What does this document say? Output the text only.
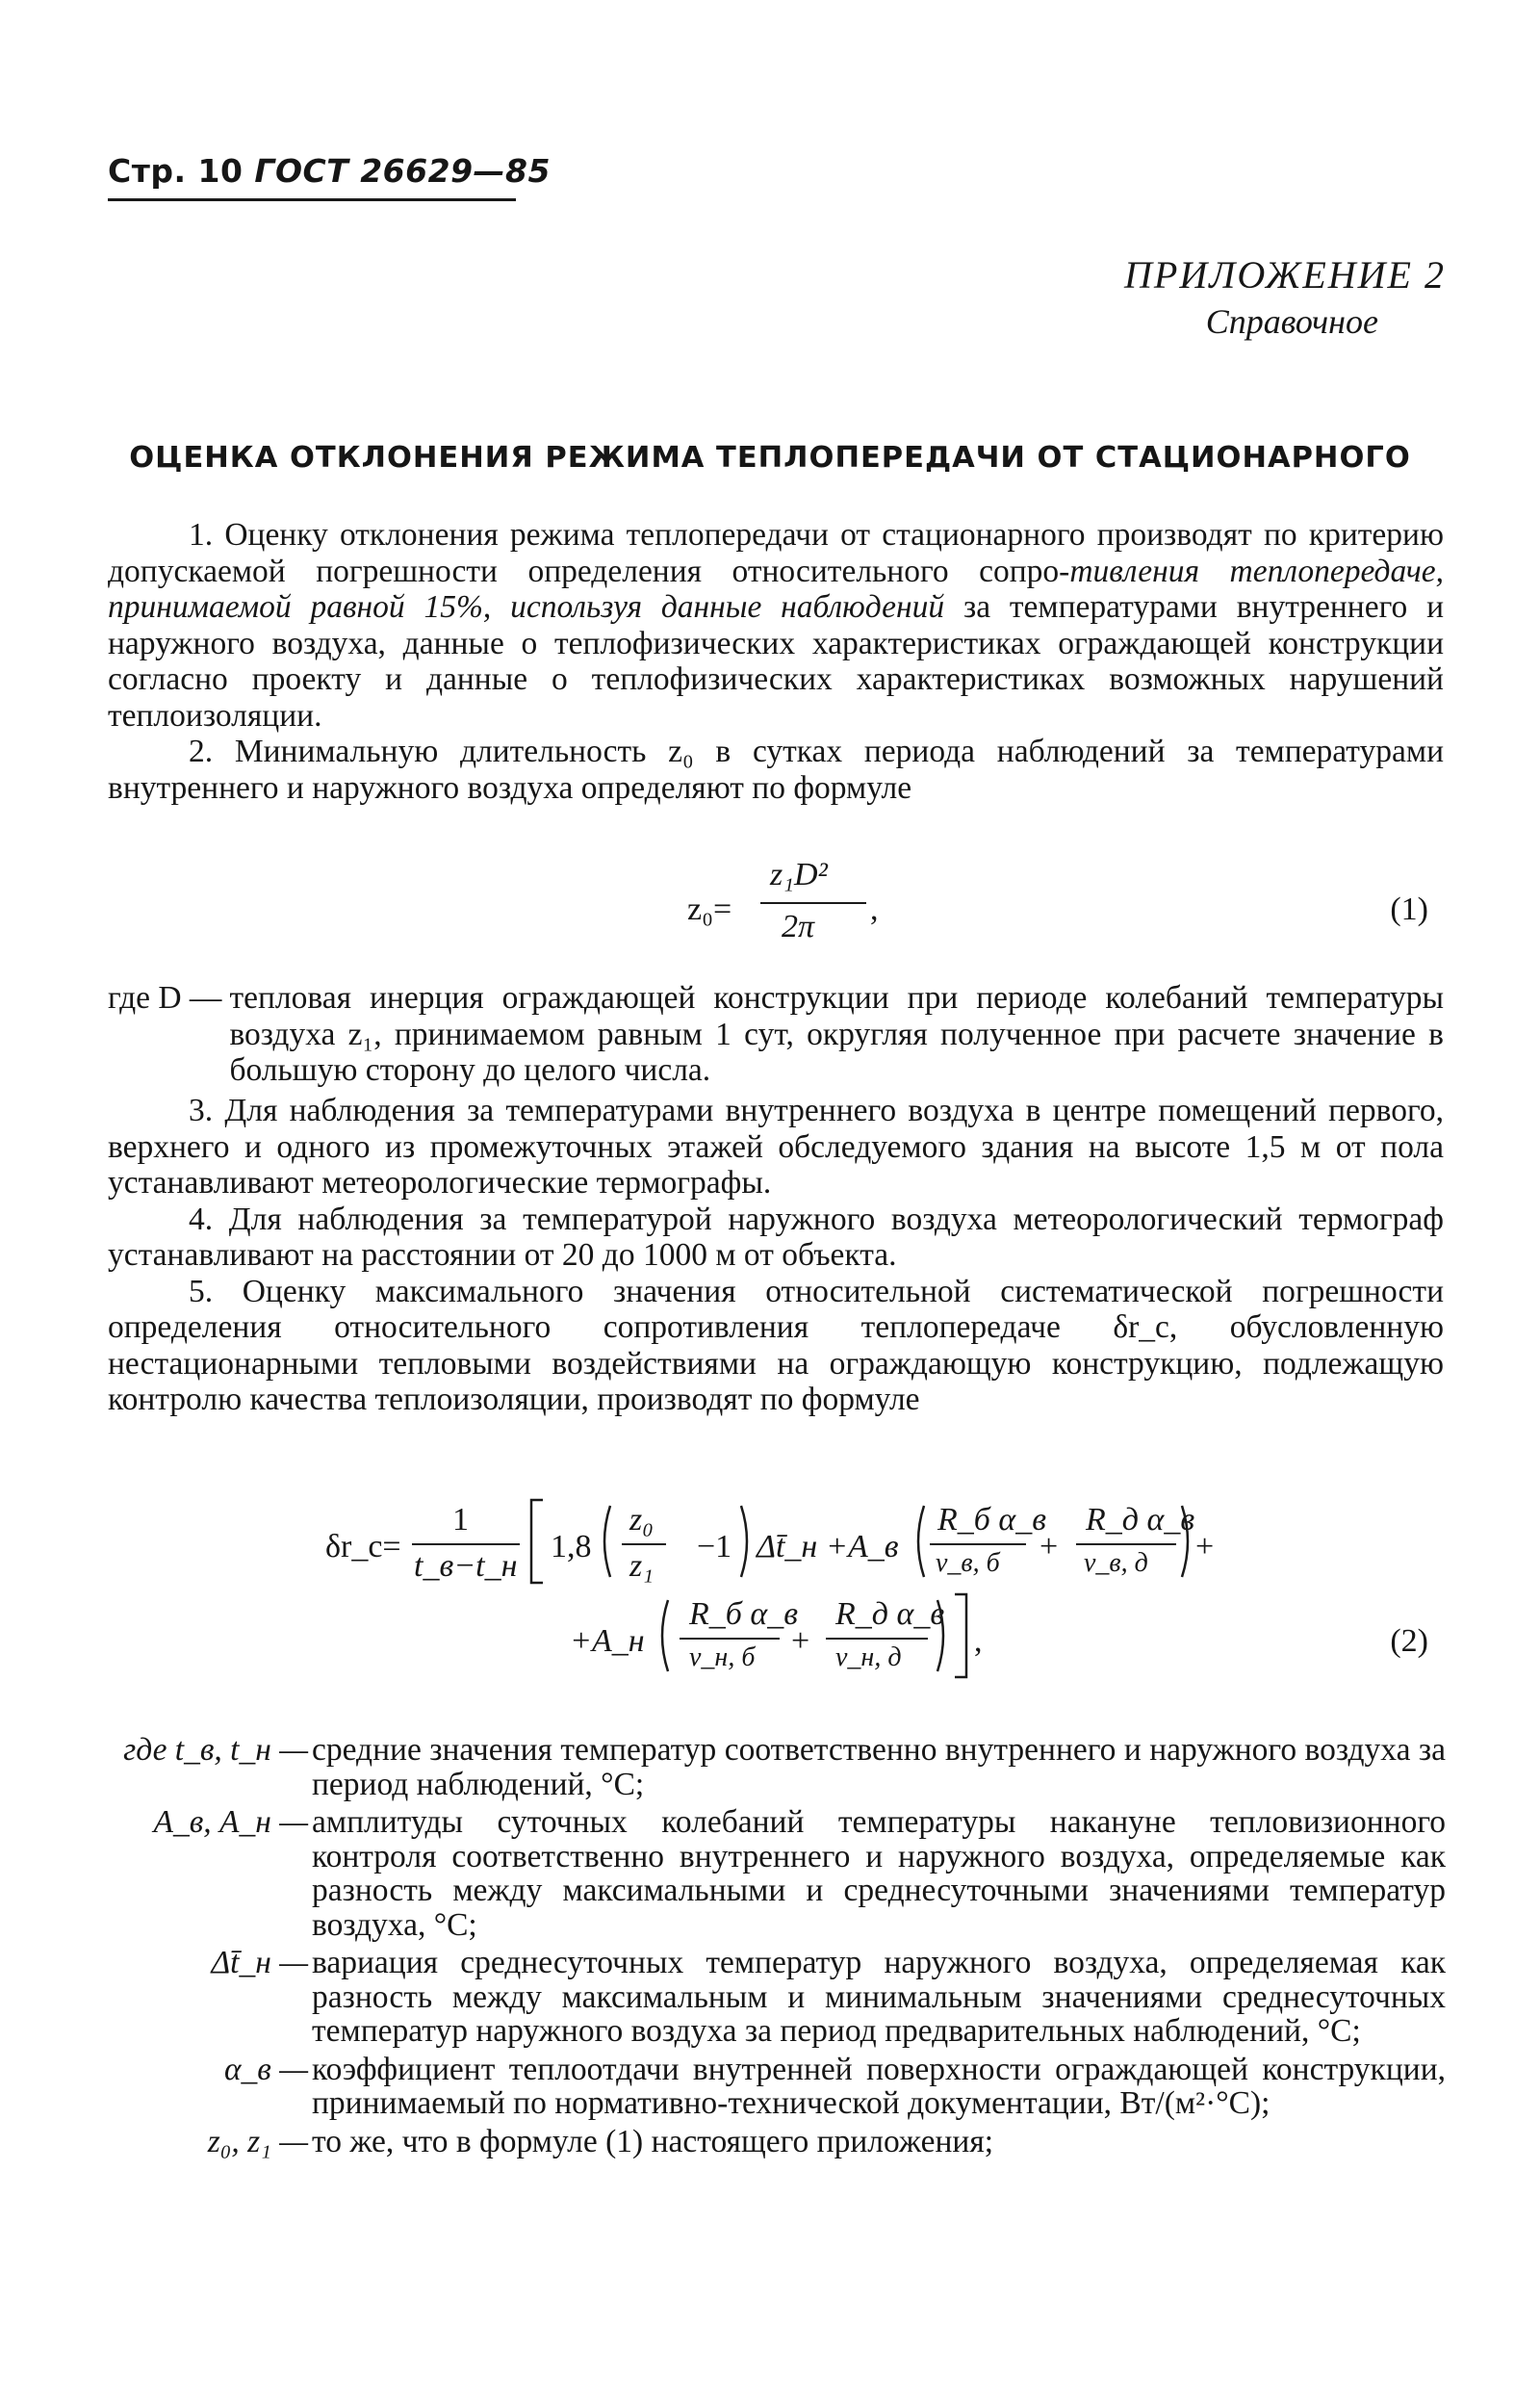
Стр. 10 ГОСТ 26629—85
ПРИЛОЖЕНИЕ 2
Справочное
ОЦЕНКА ОТКЛОНЕНИЯ РЕЖИМА ТЕПЛОПЕРЕДАЧИ ОТ СТАЦИОНАРНОГО

1. Оценку отклонения режима теплопередачи от стационарного производят по критерию допускаемой погрешности определения относительного сопро-тивления теплопередаче, принимаемой равной 15%, используя данные наблюдений за температурами внутреннего и наружного воздуха, данные о теплофизических характеристиках ограждающей конструкции согласно проекту и данные о теплофизических характеристиках возможных нарушений теплоизоляции.

2. Минимальную длительность z₀ в сутках периода наблюдений за температурами внутреннего и наружного воздуха определяют по формуле

z₀=
z₁D²
2π ,	(1)
где D — тепловая инерция ограждающей конструкции при периоде колебаний температуры воздуха z₁, принимаемом равным 1 сут, округляя полученное при расчете значение в большую сторону до целого числа.

3. Для наблюдения за температурами внутреннего воздуха в центре помещений первого, верхнего и одного из промежуточных этажей обследуемого здания на высоте 1,5 м от пола устанавливают метеорологические термографы.

4. Для наблюдения за температурой наружного воздуха метеорологический термограф устанавливают на расстоянии от 20 до 1000 м от объекта.

5. Оценку максимального значения относительной систематической погрешности определения относительного сопротивления теплопередаче δr_c, обусловленную нестационарными тепловыми воздействиями на ограждающую конструкцию, подлежащую контролю качества теплоизоляции, производят по формуле

δr_c=
1
t_в−t_н
1,8
z₀
z₁
−1 Δt̄_н +A_в
R_б α_в
ν_в, б +
R_д α_в
ν_в, д +
+A_н
R_б α_в
ν_н, б +
R_д α_в
ν_н, д ,	(2)
где t_в, t_н — средние значения температур соответственно внутреннего и наружного воздуха за период наблюдений, °С;
A_в, A_н — амплитуды суточных колебаний температуры накануне тепловизионного контроля соответственно внутреннего и наружного воздуха, определяемые как разность между максимальными и среднесуточными значениями температур воздуха, °С;
Δt̄_н — вариация среднесуточных температур наружного воздуха, определяемая как разность между максимальным и минимальным значениями среднесуточных температур наружного воздуха за период предварительных наблюдений, °С;
α_в — коэффициент теплоотдачи внутренней поверхности ограждающей конструкции, принимаемый по нормативно-технической документации, Вт/(м²·°С);
z₀, z₁ — то же, что в формуле (1) настоящего приложения;
